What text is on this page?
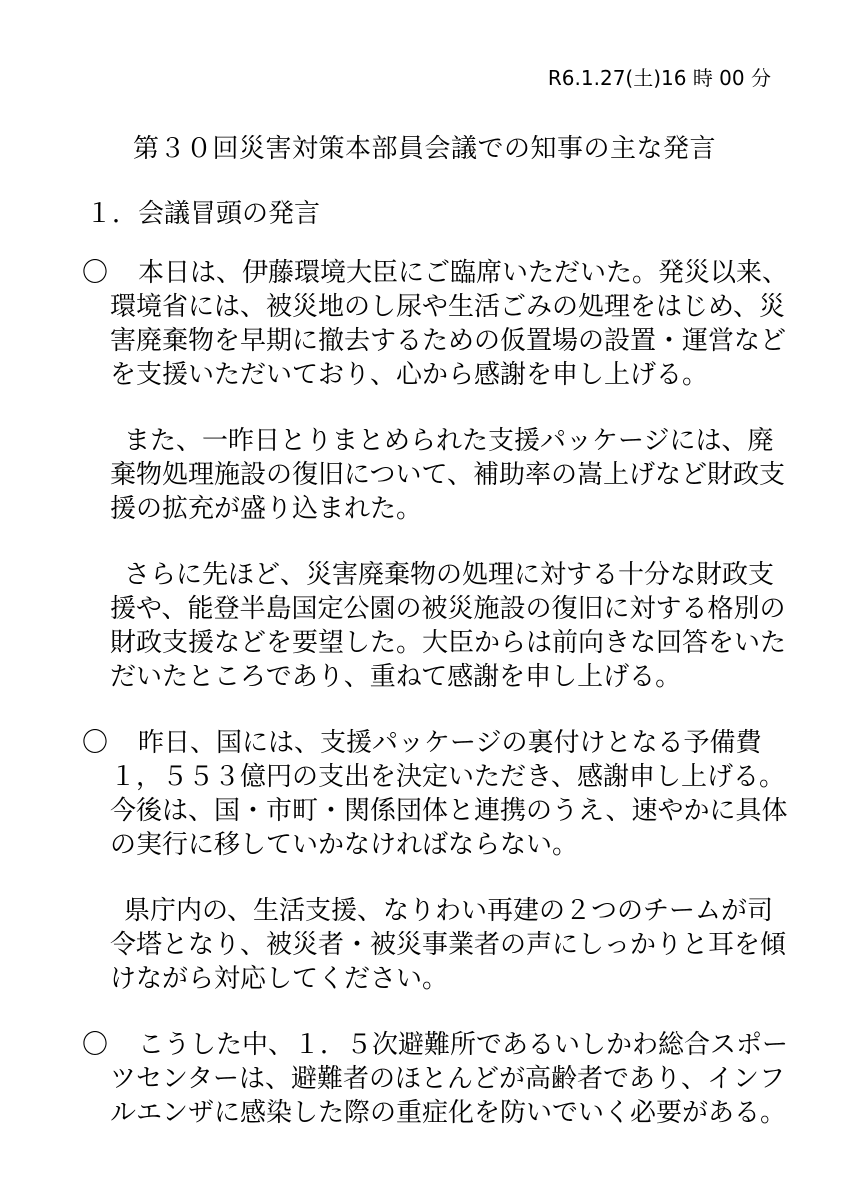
R6.1.27(土)16 時 00 分
第３０回災害対策本部員会議での知事の主な発言
１．会議冒頭の発言
〇 本日は、伊藤環境大臣にご臨席いただいた。発災以来、
環境省には、被災地のし尿や生活ごみの処理をはじめ、災
害廃棄物を早期に撤去するための仮置場の設置・運営など
を支援いただいており、心から感謝を申し上げる。
また、一昨日とりまとめられた支援パッケージには、廃
棄物処理施設の復旧について、補助率の嵩上げなど財政支
援の拡充が盛り込まれた。
さらに先ほど、災害廃棄物の処理に対する十分な財政支
援や、能登半島国定公園の被災施設の復旧に対する格別の
財政支援などを要望した。大臣からは前向きな回答をいた
だいたところであり、重ねて感謝を申し上げる。
〇 昨日、国には、支援パッケージの裏付けとなる予備費
１，５５３億円の支出を決定いただき、感謝申し上げる。
今後は、国・市町・関係団体と連携のうえ、速やかに具体
の実行に移していかなければならない。
県庁内の、生活支援、なりわい再建の２つのチームが司
令塔となり、被災者・被災事業者の声にしっかりと耳を傾
けながら対応してください。
〇 こうした中、１．５次避難所であるいしかわ総合スポー
ツセンターは、避難者のほとんどが高齢者であり、インフ
ルエンザに感染した際の重症化を防いでいく必要がある。
